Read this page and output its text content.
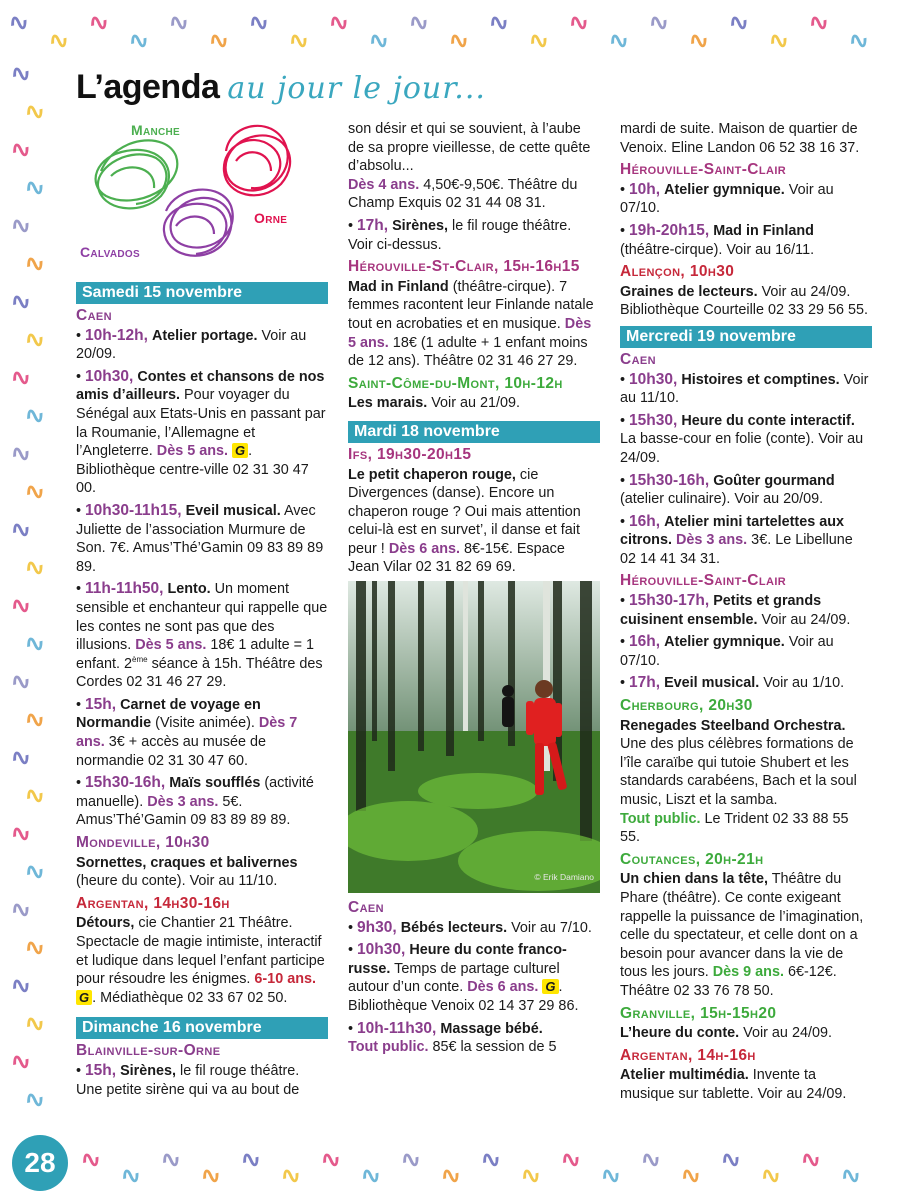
∿
∿
∿
∿
∿
∿
∿
∿
∿
∿
∿
∿
∿
∿
∿
∿
∿
∿
∿
∿
∿
∿
∿
∿
∿
∿
∿
∿
∿
∿
∿
∿
∿
∿
∿
∿
∿
∿
∿
∿
∿
∿
∿
∿
∿
∿
∿
∿
∿
∿
∿ ∿ ∿ ∿ ∿ ∿ ∿ ∿ ∿ ∿ ∿ ∿ ∿ ∿ ∿ ∿ ∿ ∿ ∿ ∿
L’agenda au jour le jour...
Manche
Orne
Calvados
Samedi 15 novembre
Caen
• 10h-12h, Atelier portage. Voir au 20/09.
• 10h30, Contes et chansons de nos amis d’ailleurs. Pour voyager du Sénégal aux Etats-Unis en passant par la Roumanie, l’Allemagne et l’Angleterre. Dès 5 ans. G . Bibliothèque centre-ville 02 31 30 47 00.
• 10h30-11h15, Eveil musical. Avec Juliette de l’association Murmure de Son. 7€. Amus’Thé’Gamin 09 83 89 89 89.
• 11h-11h50, Lento. Un moment sensible et enchanteur qui rappelle que les contes ne sont pas que des illusions. Dès 5 ans. 18€ 1 adulte = 1 enfant. 2ème séance à 15h. Théâtre des Cordes 02 31 46 27 29.
• 15h, Carnet de voyage en Normandie (Visite animée). Dès 7 ans. 3€ + accès au musée de normandie 02 31 30 47 60.
• 15h30-16h, Maïs soufflés (activité manuelle). Dès 3 ans. 5€. Amus’Thé’Gamin 09 83 89 89 89.
Mondeville, 10h30
Sornettes, craques et balivernes (heure du conte). Voir au 11/10.
Argentan, 14h30-16h
Détours, cie Chantier 21 Théâtre. Spectacle de magie intimiste, interactif et ludique dans lequel l’enfant participe pour résoudre les énigmes. 6-10 ans. G . Médiathèque 02 33 67 02 50.
Dimanche 16 novembre
Blainville-sur-Orne
• 15h, Sirènes, le fil rouge théâtre. Une petite sirène qui va au bout de
son désir et qui se souvient, à l’aube de sa propre vieillesse, de cette quête d’absolu...
Dès 4 ans. 4,50€-9,50€. Théâtre du Champ Exquis 02 31 44 08 31.
• 17h, Sirènes, le fil rouge théâtre. Voir ci-dessus.
Hérouville-St-Clair, 15h-16h15
Mad in Finland (théâtre-cirque). 7 femmes racontent leur Finlande natale tout en acrobaties et en musique. Dès 5 ans. 18€ (1 adulte + 1 enfant moins de 12 ans). Théâtre 02 31 46 27 29.
Saint-Côme-du-Mont, 10h-12h
Les marais. Voir au 21/09.
Mardi 18 novembre
Ifs, 19h30-20h15
Le petit chaperon rouge, cie Divergences (danse). Encore un chaperon rouge ? Oui mais attention celui-là est en survet’, il danse et fait peur ! Dès 6 ans. 8€-15€. Espace Jean Vilar 02 31 82 69 69.
© Erik Damiano
Caen
• 9h30, Bébés lecteurs. Voir au 7/10.
• 10h30, Heure du conte franco-russe. Temps de partage culturel autour d’un conte. Dès 6 ans. G . Bibliothèque Venoix 02 14 37 29 86.
• 10h-11h30, Massage bébé.
Tout public. 85€ la session de 5
mardi de suite. Maison de quartier de Venoix. Eline Landon 06 52 38 16 37.
Hérouville-Saint-Clair
• 10h, Atelier gymnique. Voir au 07/10.
• 19h-20h15, Mad in Finland (théâtre-cirque). Voir au 16/11.
Alençon, 10h30
Graines de lecteurs. Voir au 24/09. Bibliothèque Courteille 02 33 29 56 55.
Mercredi 19 novembre
Caen
• 10h30, Histoires et comptines. Voir au 11/10.
• 15h30, Heure du conte interactif. La basse-cour en folie (conte). Voir au 24/09.
• 15h30-16h, Goûter gourmand (atelier culinaire). Voir au 20/09.
• 16h, Atelier mini tartelettes aux citrons. Dès 3 ans. 3€. Le Libellune 02 14 41 34 31.
Hérouville-Saint-Clair
• 15h30-17h, Petits et grands cuisinent ensemble. Voir au 24/09.
• 16h, Atelier gymnique. Voir au 07/10.
• 17h, Eveil musical. Voir au 1/10.
Cherbourg, 20h30
Renegades Steelband Orchestra. Une des plus célèbres formations de l’île caraïbe qui tutoie Shubert et les standards carabéens, Bach et la soul music, Liszt et la samba.
Tout public. Le Trident 02 33 88 55 55.
Coutances, 20h-21h
Un chien dans la tête, Théâtre du Phare (théâtre). Ce conte exigeant rappelle la puissance de l’imagination, celle du spectateur, et celle dont on a besoin pour avancer dans la vie de tous les jours. Dès 9 ans. 6€-12€. Théâtre 02 33 76 78 50.
Granville, 15h-15h20
L’heure du conte. Voir au 24/09.
Argentan, 14h-16h
Atelier multimédia. Invente ta musique sur tablette. Voir au 24/09.
28
